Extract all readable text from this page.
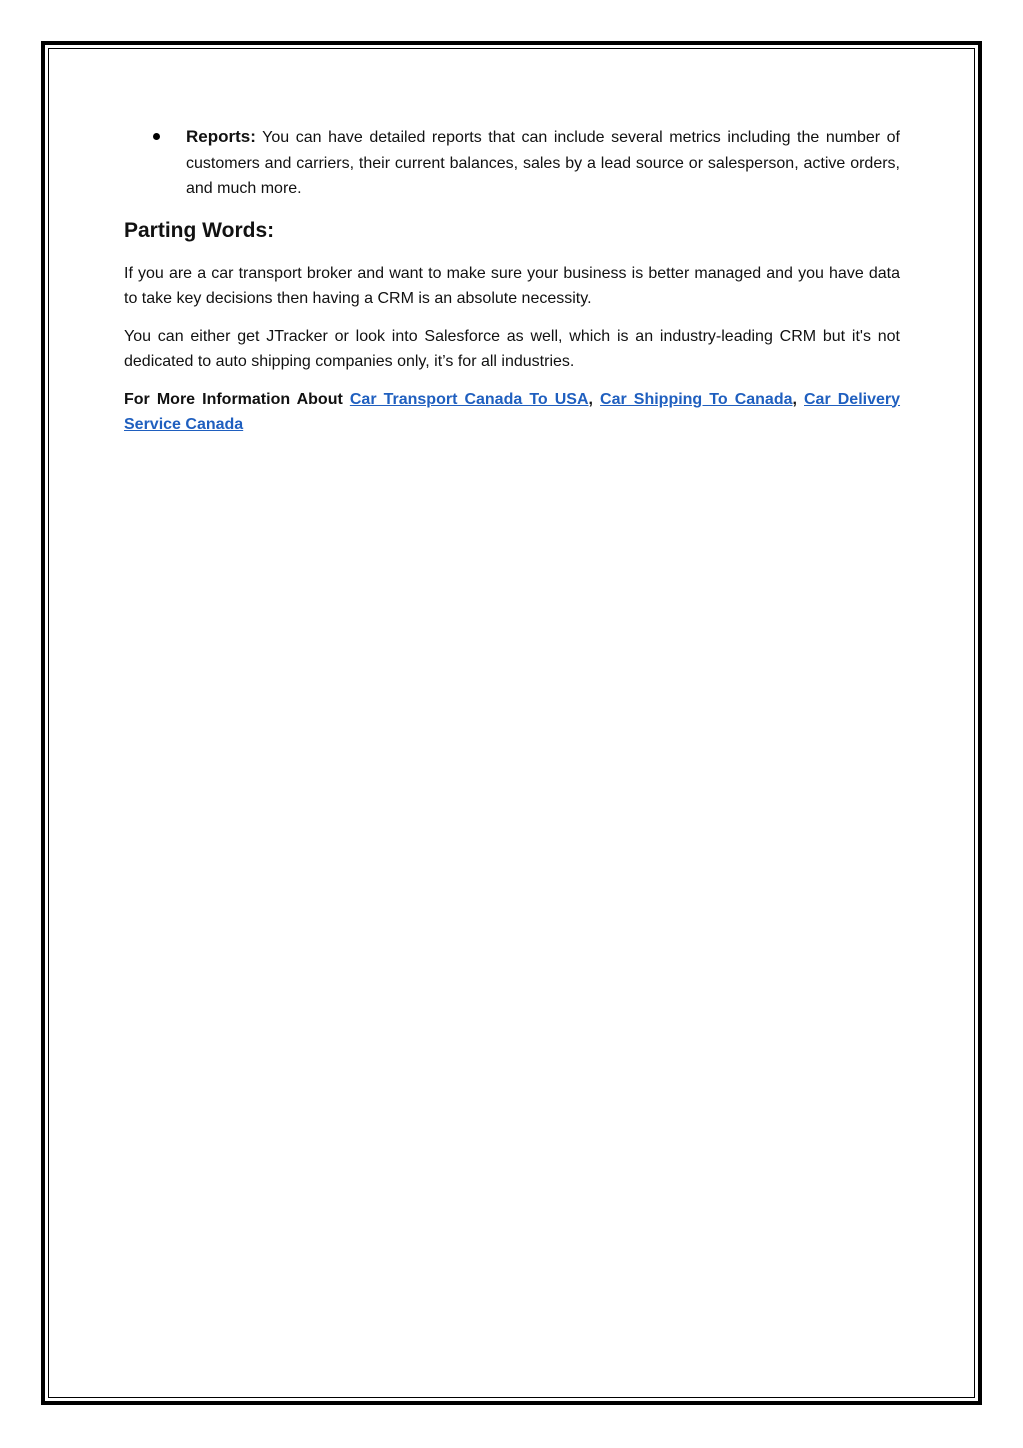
Reports: You can have detailed reports that can include several metrics including the number of customers and carriers, their current balances, sales by a lead source or salesperson, active orders, and much more.
Parting Words:

If you are a car transport broker and want to make sure your business is better managed and you have data to take key decisions then having a CRM is an absolute necessity.

You can either get JTracker or look into Salesforce as well, which is an industry-leading CRM but it's not dedicated to auto shipping companies only, it’s for all industries.

For More Information About Car Transport Canada To USA, Car Shipping To Canada, Car Delivery Service Canada
